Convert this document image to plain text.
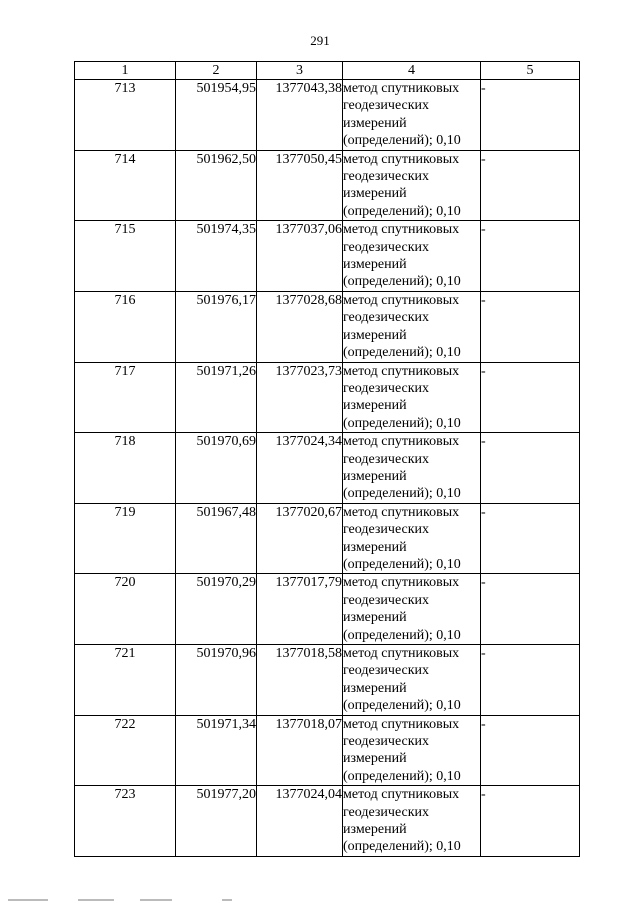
291
1	2	3	4	5
713	501954,95	1377043,38	метод спутниковых
геодезических
измерений
(определений); 0,10	-
714	501962,50	1377050,45	метод спутниковых
геодезических
измерений
(определений); 0,10	-
715	501974,35	1377037,06	метод спутниковых
геодезических
измерений
(определений); 0,10	-
716	501976,17	1377028,68	метод спутниковых
геодезических
измерений
(определений); 0,10	-
717	501971,26	1377023,73	метод спутниковых
геодезических
измерений
(определений); 0,10	-
718	501970,69	1377024,34	метод спутниковых
геодезических
измерений
(определений); 0,10	-
719	501967,48	1377020,67	метод спутниковых
геодезических
измерений
(определений); 0,10	-
720	501970,29	1377017,79	метод спутниковых
геодезических
измерений
(определений); 0,10	-
721	501970,96	1377018,58	метод спутниковых
геодезических
измерений
(определений); 0,10	-
722	501971,34	1377018,07	метод спутниковых
геодезических
измерений
(определений); 0,10	-
723	501977,20	1377024,04	метод спутниковых
геодезических
измерений
(определений); 0,10	-
